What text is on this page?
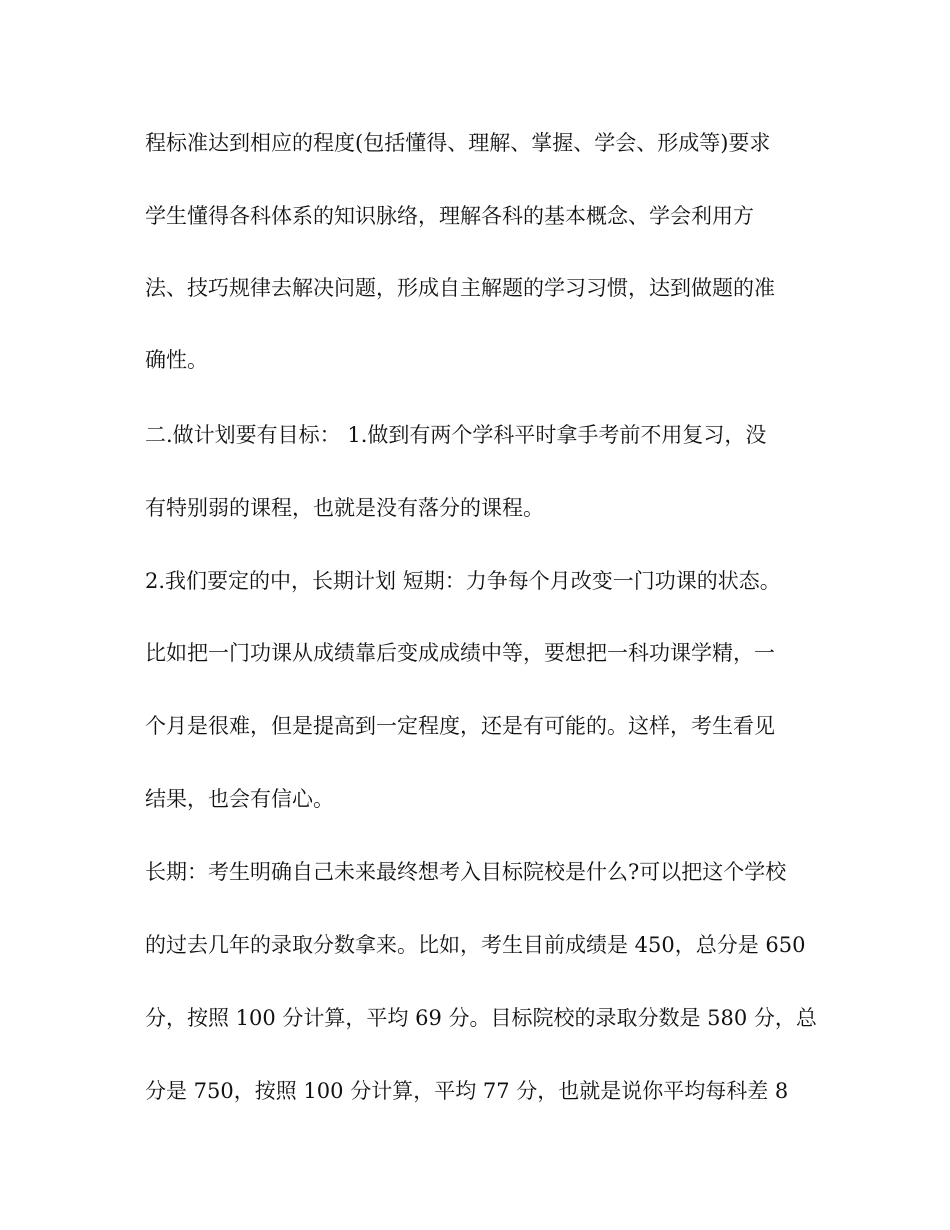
程标准达到相应的程度(包括懂得、理解、掌握、学会、形成等)要求
学生懂得各科体系的知识脉络，理解各科的基本概念、学会利用方
法、技巧规律去解决问题，形成自主解题的学习习惯，达到做题的准
确性。
二.做计划要有目标： 1.做到有两个学科平时拿手考前不用复习，没
有特别弱的课程，也就是没有落分的课程。
2.我们要定的中，长期计划 短期：力争每个月改变一门功课的状态。
比如把一门功课从成绩靠后变成成绩中等，要想把一科功课学精，一
个月是很难，但是提高到一定程度，还是有可能的。这样，考生看见
结果，也会有信心。
长期：考生明确自己未来最终想考入目标院校是什么?可以把这个学校
的过去几年的录取分数拿来。比如，考生目前成绩是 450，总分是 650
分，按照 100 分计算，平均 69 分。目标院校的录取分数是 580 分，总
分是 750，按照 100 分计算，平均 77 分，也就是说你平均每科差 8
